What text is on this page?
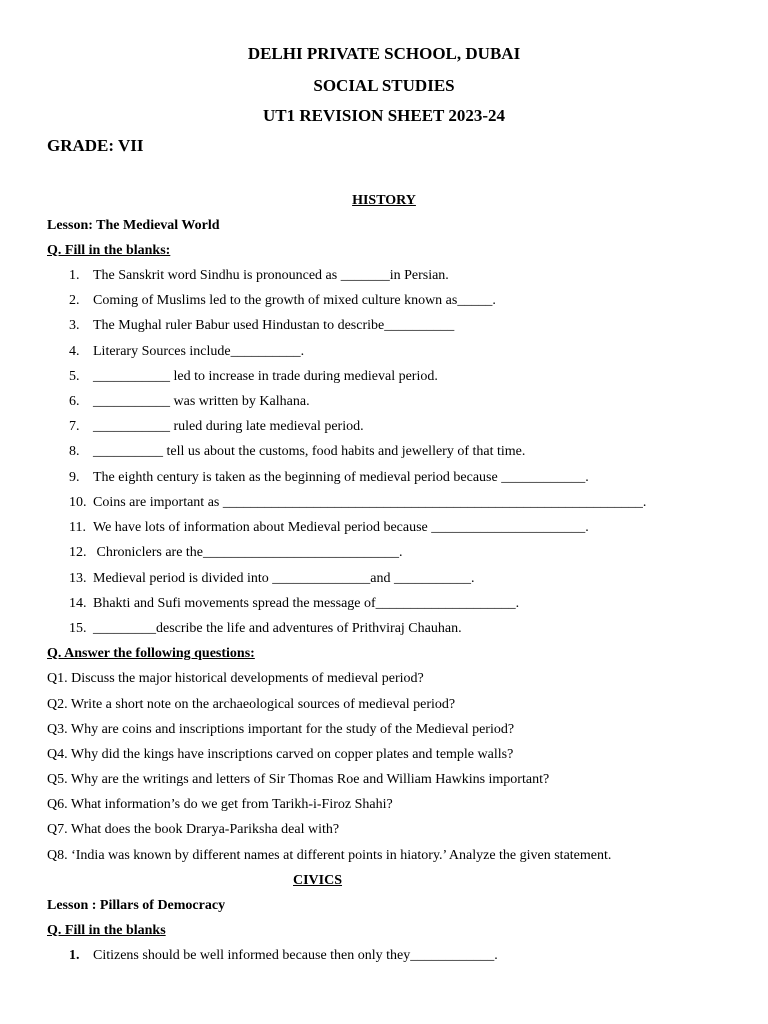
DELHI PRIVATE SCHOOL, DUBAI
SOCIAL STUDIES
UT1 REVISION SHEET 2023-24
GRADE: VII
HISTORY
Lesson: The Medieval World
Q. Fill in the blanks:
1. The Sanskrit word Sindhu is pronounced as _______in Persian.
2. Coming of Muslims led to the growth of mixed culture known as_____.
3. The Mughal ruler Babur used Hindustan to describe__________
4. Literary Sources include__________.
5. ___________ led to increase in trade during medieval period.
6. ___________ was written by Kalhana.
7. ___________ ruled during late medieval period.
8. __________ tell us about the customs, food habits and jewellery of that time.
9. The eighth century is taken as the beginning of medieval period because ____________.
10. Coins are important as ____________________________________________________________.
11. We have lots of information about Medieval period because ______________________.
12. Chroniclers are the____________________________.
13. Medieval period is divided into ______________and ___________.
14. Bhakti and Sufi movements spread the message of____________________.
15. _________describe the life and adventures of Prithviraj Chauhan.
Q. Answer the following questions:
Q1. Discuss the major historical developments of medieval period?
Q2. Write a short note on the archaeological sources of medieval period?
Q3. Why are coins and inscriptions important for the study of the Medieval period?
Q4. Why did the kings have inscriptions carved on copper plates and temple walls?
Q5. Why are the writings and letters of Sir Thomas Roe and William Hawkins important?
Q6. What information’s do we get from Tarikh-i-Firoz Shahi?
Q7. What does the book Drarya-Pariksha deal with?
Q8. ‘India was known by different names at different points in hiatory.’ Analyze the given statement.
CIVICS
Lesson : Pillars of Democracy
Q. Fill in the blanks
1. Citizens should be well informed because then only they____________.
